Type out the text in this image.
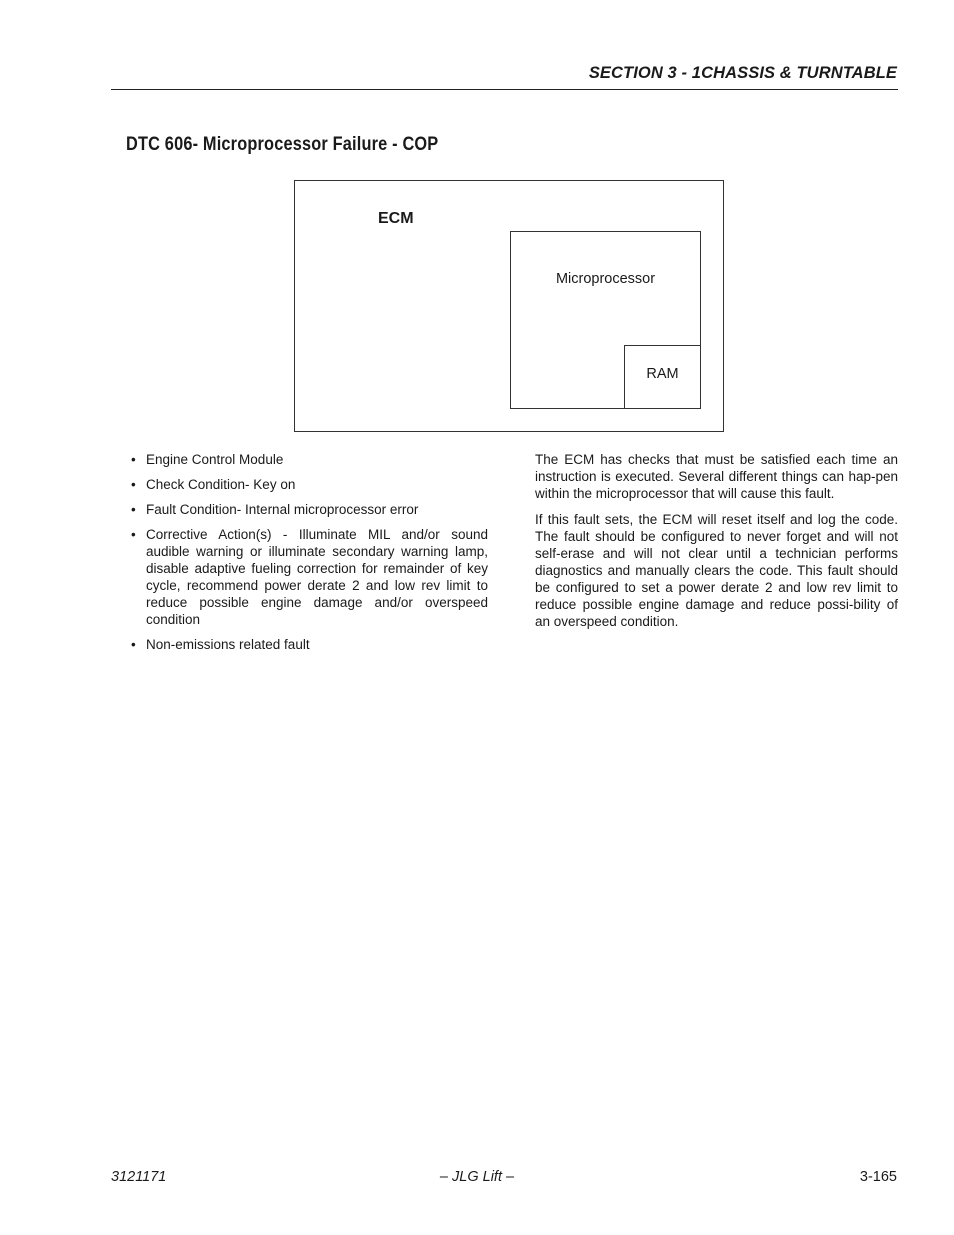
SECTION 3 - 1CHASSIS & TURNTABLE
DTC 606- Microprocessor Failure - COP
ECM
Microprocessor
RAM
• Engine Control Module
• Check Condition- Key on
• Fault Condition- Internal microprocessor error
• Corrective Action(s) - Illuminate MIL and/or sound audible warning or illuminate secondary warning lamp, disable adaptive fueling correction for remainder of key cycle, recommend power derate 2 and low rev limit to reduce possible engine damage and/or overspeed condition
• Non-emissions related fault

The ECM has checks that must be satisfied each time an instruction is executed. Several different things can hap-pen within the microprocessor that will cause this fault.

If this fault sets, the ECM will reset itself and log the code. The fault should be configured to never forget and will not self-erase and will not clear until a technician performs diagnostics and manually clears the code. This fault should be configured to set a power derate 2 and low rev limit to reduce possible engine damage and reduce possi-bility of an overspeed condition.

3121171	– JLG Lift –	3-165
